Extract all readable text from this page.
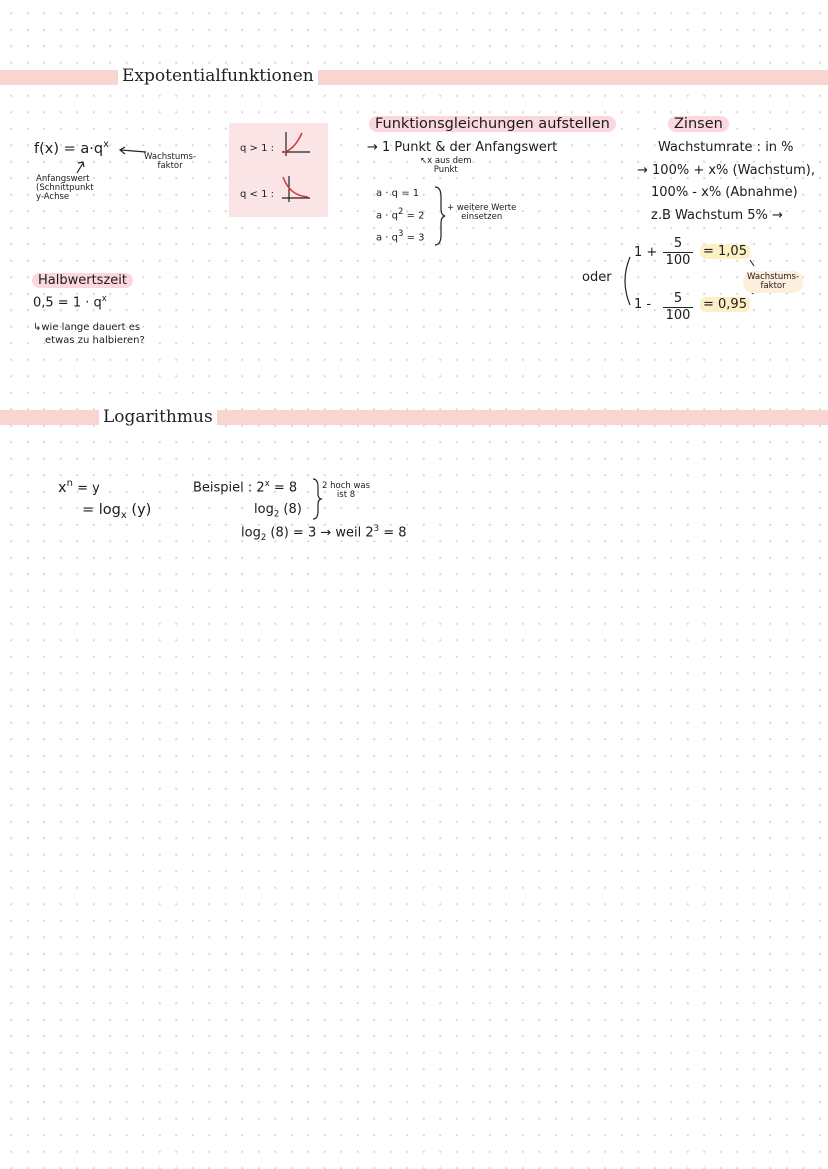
Expotentialfunktionen
Logarithmus
$f(x) = a\cdot q^x$
Wachstums-
faktor
Anfangswert
(Schnittpunkt
y-Achse
q > 1 :
q < 1 :
Halbwertszeit
$0,5 = 1 \cdot q^x$
↳wie lange dauert es
etwas zu halbieren?
Funktionsgleichungen aufstellen
→ 1 Punkt & der Anfangswert
↖x aus dem
Punkt
a · q = 1
$a \cdot q^2 = 2$
$a \cdot q^3 = 3$
+ weitere Werte
einsetzen
Zinsen
Wachstumrate : in %
→ 100% + x% (Wachstum),
100% - x% (Abnahme)
z.B Wachstum 5% →
oder
1 +
5
100
= 1,05
1 -	5
100
= 0,95
Wachstums-
faktor
$x^n = y$
= $\log_x (y)$
Beispiel : $2^x = 8$	2 hoch was
ist 8
$\log_2 (8)$
$\log_2 (8) = 3$ → weil $2^3 = 8$
